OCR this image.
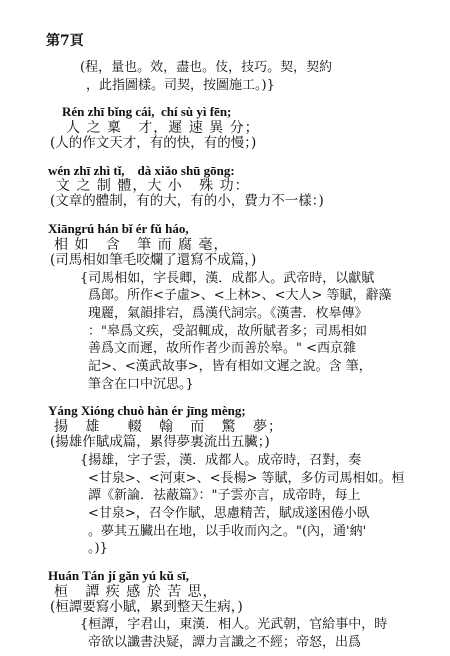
第7頁
(程，量也。效，盡也。伎，技巧。契，契約
，此指圖樣。司契，按圖施工。)}
Rén zhī bǐng cái,  chí sù yì fēn;
人 之 稟   才，遲 速 異 分；
(人的作文天才，有的快，有的慢；)
wén zhī zhì tǐ,    dà xiǎo shū gōng:
文 之 制 體，大 小   殊 功：
(文章的體制，有的大，有的小，費力不一樣：)
Xiāngrú hán bǐ ér fǔ háo,
相 如   含   筆 而 腐 毫，
(司馬相如筆毛咬爛了還寫不成篇，)
{司馬相如，字長卿，漢．成都人。武帝時，以獻賦
爲郎。所作<子虛>、<上林>、<大人> 等賦，辭藻
瑰麗，氣韻排宕，爲漢代詞宗。《漢書．枚皋傳》
："皋爲文疾，受詔輒成，故所賦者多；司馬相如
善爲文而遲，故所作者少而善於皋。" <西京雜
記>、<漢武故事>，皆有相如文遲之說。含 筆，
筆含在口中沉思。}
Yáng Xióng chuò hàn ér jīng mèng;
揚   雄     輟   翰   而   驚   夢；
(揚雄作賦成篇，累得夢裏流出五臟；)
{揚雄，字子雲，漢．成都人。成帝時，召對，奏
<甘泉>、<河東>、<長楊> 等賦，多仿司馬相如。桓
譚《新論．祛蔽篇》："子雲亦言，成帝時，每上
<甘泉>，召令作賦，思慮精苦，賦成遂困倦小臥
。夢其五臟出在地，以手收而內之。"(內，通'納'
。)}
Huán Tán jí gǎn yú kǔ sī,
桓   譚 疾 感 於 苦 思，
(桓譚要寫小賦，累到整天生病，)
{桓譚，字君山，東漢．相人。光武朝，官給事中，時
帝欲以讖書決疑，譚力言讖之不經；帝怒，出爲
